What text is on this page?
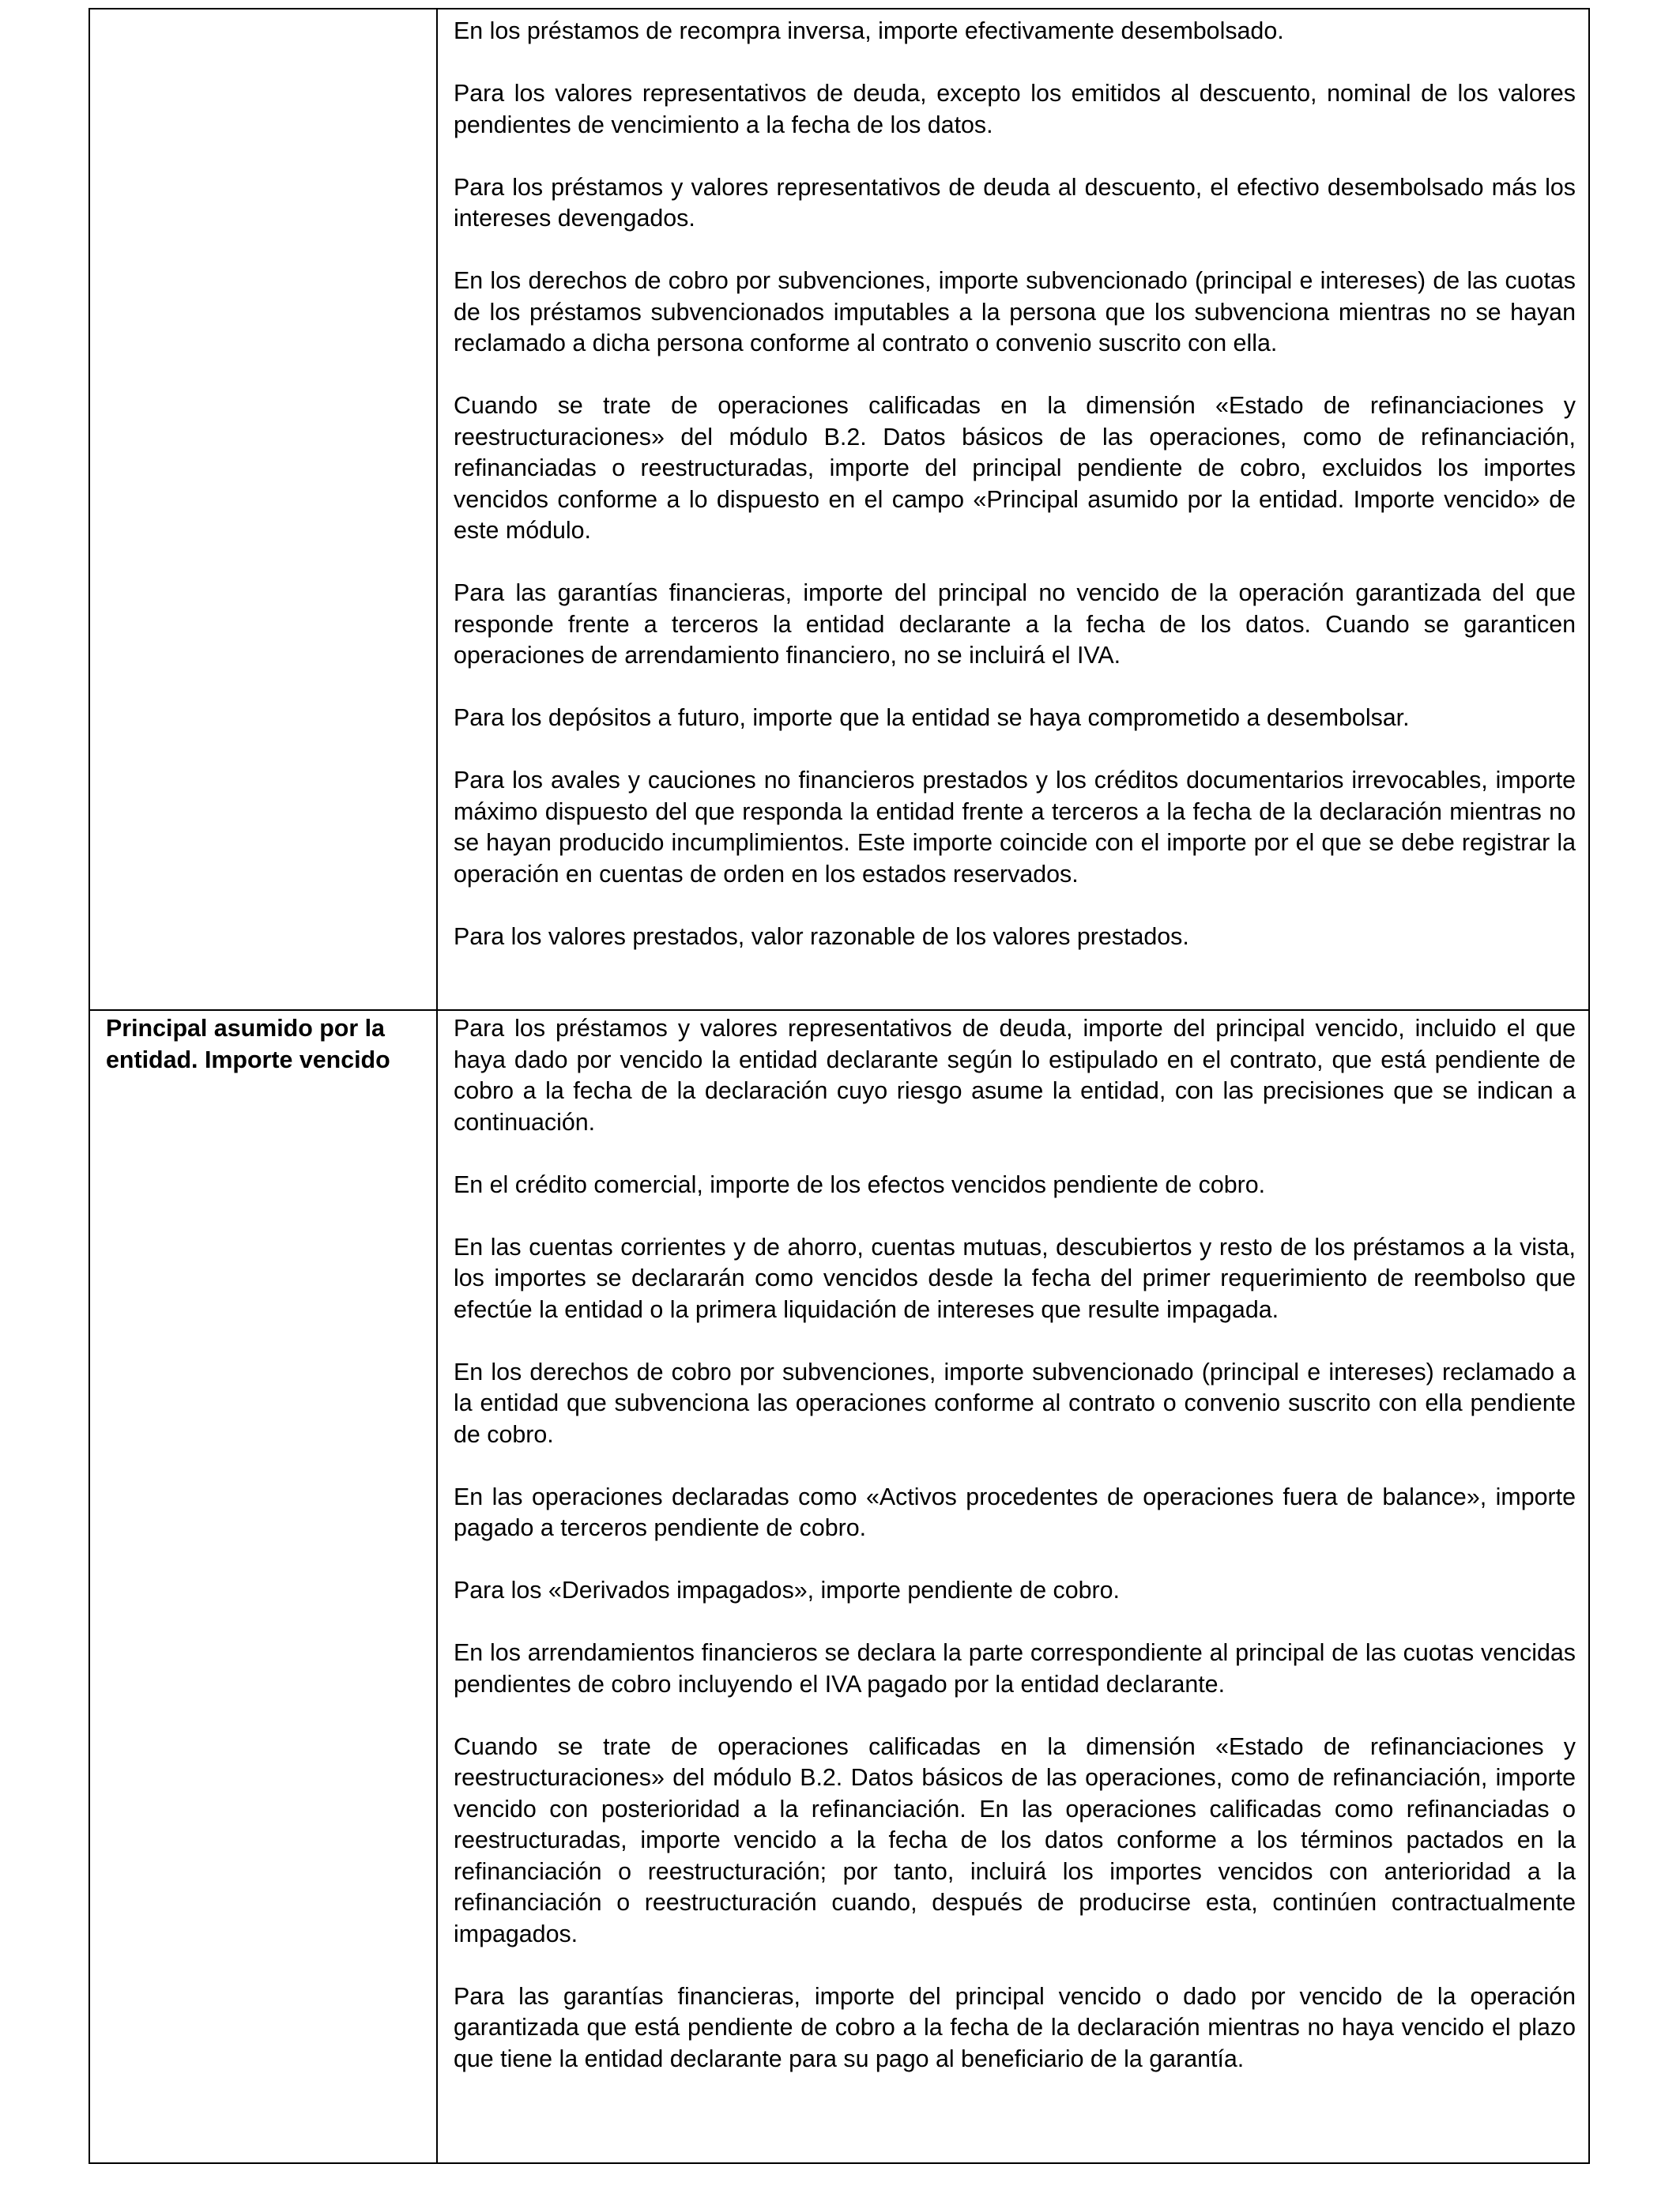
En los préstamos de recompra inversa, importe efectivamente desembolsado.

Para los valores representativos de deuda, excepto los emitidos al descuento, nominal de los valores pendientes de vencimiento a la fecha de los datos.

Para los préstamos y valores representativos de deuda al descuento, el efectivo desembolsado más los intereses devengados.

En los derechos de cobro por subvenciones, importe subvencionado (principal e intereses) de las cuotas de los préstamos subvencionados imputables a la persona que los subvenciona mientras no se hayan reclamado a dicha persona conforme al contrato o convenio suscrito con ella.

Cuando se trate de operaciones calificadas en la dimensión «Estado de refinanciaciones y reestructuraciones» del módulo B.2. Datos básicos de las operaciones, como de refinanciación, refinanciadas o reestructuradas, importe del principal pendiente de cobro, excluidos los importes vencidos conforme a lo dispuesto en el campo «Principal asumido por la entidad. Importe vencido» de este módulo.

Para las garantías financieras, importe del principal no vencido de la operación garantizada del que responde frente a terceros la entidad declarante a la fecha de los datos. Cuando se garanticen operaciones de arrendamiento financiero, no se incluirá el IVA.

Para los depósitos a futuro, importe que la entidad se haya comprometido a desembolsar.

Para los avales y cauciones no financieros prestados y los créditos documentarios irrevocables, importe máximo dispuesto del que responda la entidad frente a terceros a la fecha de la declaración mientras no se hayan producido incumplimientos. Este importe coincide con el importe por el que se debe registrar la operación en cuentas de orden en los estados reservados.

Para los valores prestados, valor razonable de los valores prestados.

Principal asumido por la entidad. Importe vencido

Para los préstamos y valores representativos de deuda, importe del principal vencido, incluido el que haya dado por vencido la entidad declarante según lo estipulado en el contrato, que está pendiente de cobro a la fecha de la declaración cuyo riesgo asume la entidad, con las precisiones que se indican a continuación.

En el crédito comercial, importe de los efectos vencidos pendiente de cobro.

En las cuentas corrientes y de ahorro, cuentas mutuas, descubiertos y resto de los préstamos a la vista, los importes se declararán como vencidos desde la fecha del primer requerimiento de reembolso que efectúe la entidad o la primera liquidación de intereses que resulte impagada.

En los derechos de cobro por subvenciones, importe subvencionado (principal e intereses) reclamado a la entidad que subvenciona las operaciones conforme al contrato o convenio suscrito con ella pendiente de cobro.

En las operaciones declaradas como «Activos procedentes de operaciones fuera de balance», importe pagado a terceros pendiente de cobro.

Para los «Derivados impagados», importe pendiente de cobro.

En los arrendamientos financieros se declara la parte correspondiente al principal de las cuotas vencidas pendientes de cobro incluyendo el IVA pagado por la entidad declarante.

Cuando se trate de operaciones calificadas en la dimensión «Estado de refinanciaciones y reestructuraciones» del módulo B.2. Datos básicos de las operaciones, como de refinanciación, importe vencido con posterioridad a la refinanciación. En las operaciones calificadas como refinanciadas o reestructuradas, importe vencido a la fecha de los datos conforme a los términos pactados en la refinanciación o reestructuración; por tanto, incluirá los importes vencidos con anterioridad a la refinanciación o reestructuración cuando, después de producirse esta, continúen contractualmente impagados.

Para las garantías financieras, importe del principal vencido o dado por vencido de la operación garantizada que está pendiente de cobro a la fecha de la declaración mientras no haya vencido el plazo que tiene la entidad declarante para su pago al beneficiario de la garantía.
